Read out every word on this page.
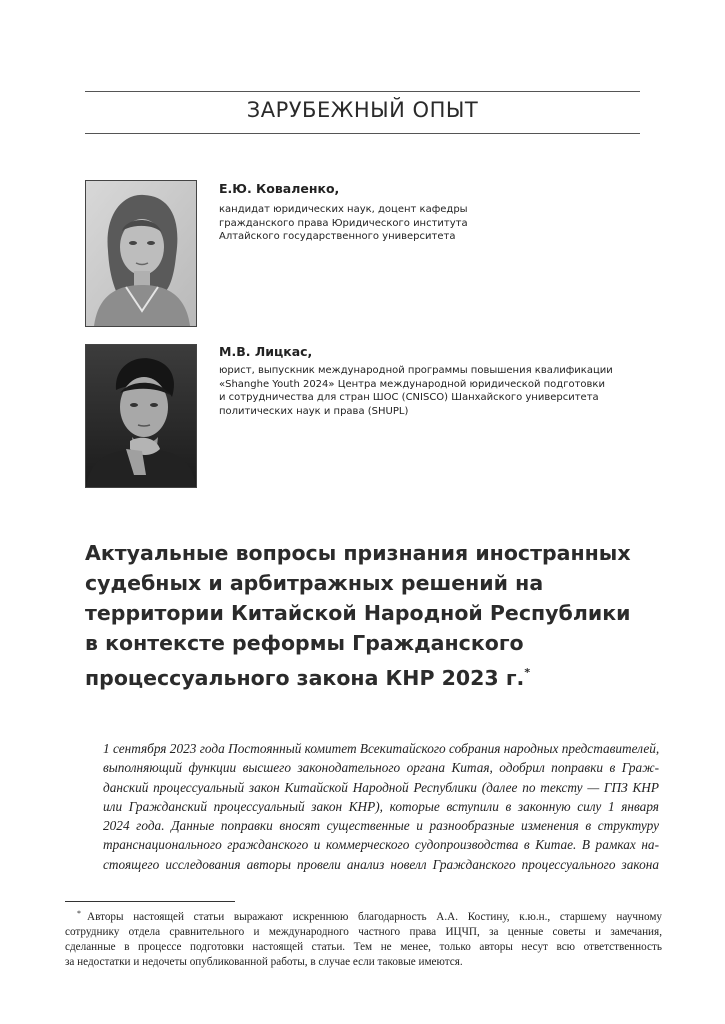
ЗАРУБЕЖНЫЙ ОПЫТ
Е.Ю. Коваленко,
кандидат юридических наук, доцент кафедры
гражданского права Юридического института
Алтайского государственного университета
М.В. Лицкас,
юрист, выпускник международной программы повышения квалификации
«Shanghe Youth 2024» Центра международной юридической подготовки
и сотрудничества для стран ШОС (CNISCO) Шанхайского университета
политических наук и права (SHUPL)
Актуальные вопросы признания иностранных
судебных и арбитражных решений на
территории Китайской Народной Республики
в контексте реформы Гражданского
процессуального закона КНР 2023 г.*
1 сентября 2023 года Постоянный комитет Всекитайского собрания народных представителей,
выполняющий функции высшего законодательного органа Китая, одобрил поправки в Граж-
данский процессуальный закон Китайской Народной Республики (далее по тексту — ГПЗ КНР
или Гражданский процессуальный закон КНР), которые вступили в законную силу 1 января
2024 года. Данные поправки вносят существенные и разнообразные изменения в структуру
транснационального гражданского и коммерческого судопроизводства в Китае. В рамках на-
стоящего исследования авторы провели анализ новелл Гражданского процессуального закона
* Авторы настоящей статьи выражают искреннюю благодарность А.А. Костину, к.ю.н., старшему научному
сотруднику отдела сравнительного и международного частного права ИЦЧП, за ценные советы и замечания,
сделанные в процессе подготовки настоящей статьи. Тем не менее, только авторы несут всю ответственность
за недостатки и недочеты опубликованной работы, в случае если таковые имеются.
